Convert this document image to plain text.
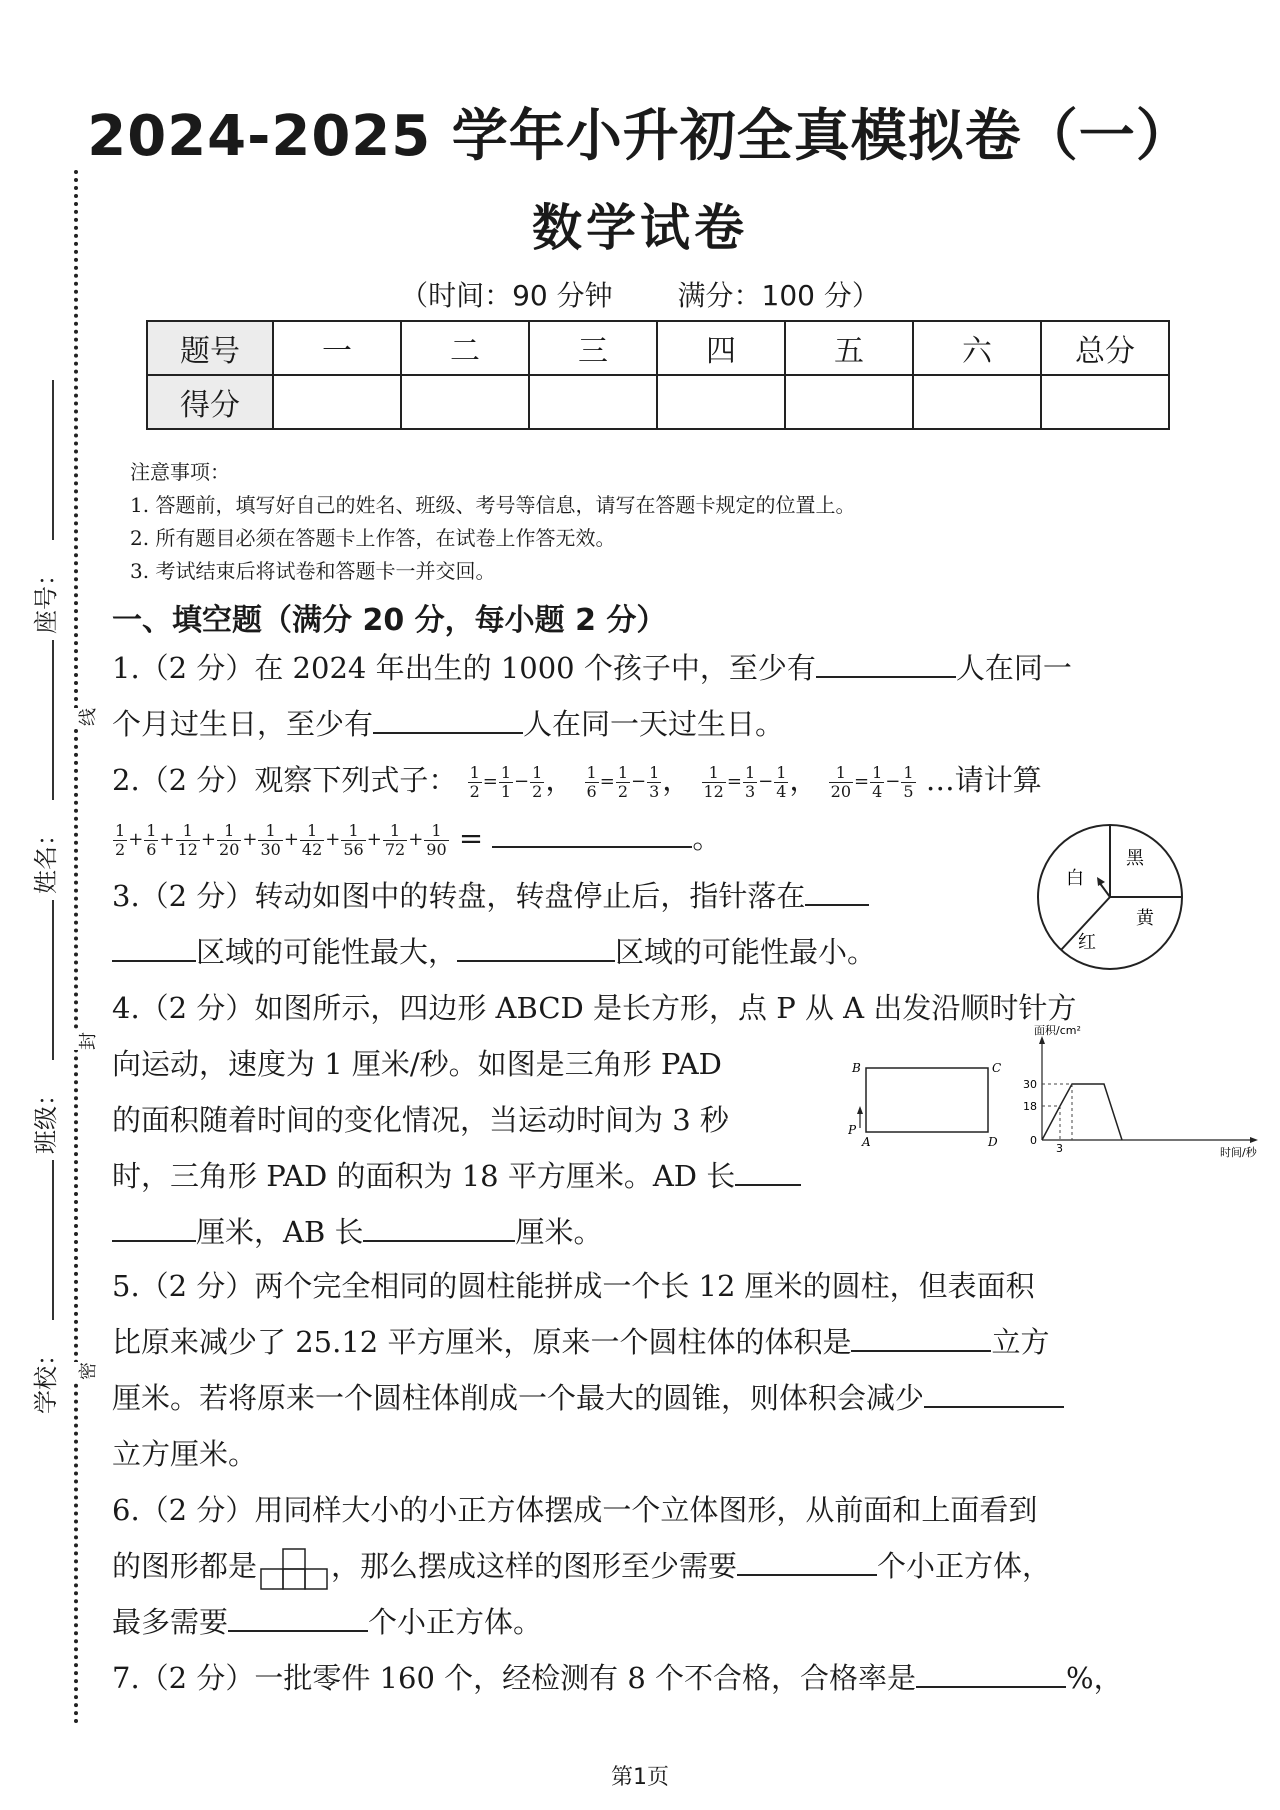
座号：
姓名：
班级：
学校：
线
封
密
2024-2025 学年小升初全真模拟卷（一）
数学试卷
（时间：90 分钟 满分：100 分）
题号	一	二	三	四	五	六	总分
得分							
注意事项：
1. 答题前，填写好自己的姓名、班级、考号等信息，请写在答题卡规定的位置上。
2. 所有题目必须在答题卡上作答，在试卷上作答无效。
3. 考试结束后将试卷和答题卡一并交回。
一、填空题（满分 20 分，每小题 2 分）
1.（2 分）在 2024 年出生的 1000 个孩子中，至少有	人在同一
个月过生日，至少有	人在同一天过生日。
2.（2 分）观察下列式子： $\frac{1}{2} = \frac{1}{1} - \frac{1}{2}$ ， $\frac{1}{6} = \frac{1}{2} - \frac{1}{3}$ ， $\frac{1}{12} = \frac{1}{3} - \frac{1}{4}$ ， $\frac{1}{20} = \frac{1}{4} - \frac{1}{5}$ …请计算

$\frac{1}{2} + \frac{1}{6} + \frac{1}{12} + \frac{1}{20} + \frac{1}{30} + \frac{1}{42} + \frac{1}{56} + \frac{1}{72} + \frac{1}{90}$ =	。
3.（2 分）转动如图中的转盘，转盘停止后，指针落在
区域的可能性最大，	区域的可能性最小。
黑
白
黄
红
4.（2 分）如图所示，四边形 ABCD 是长方形，点 P 从 A 出发沿顺时针方
向运动，速度为 1 厘米/秒。如图是三角形 PAD
的面积随着时间的变化情况，当运动时间为 3 秒
时，三角形 PAD 的面积为 18 平方厘米。AD 长
厘米，AB 长	厘米。
B	C
A	D
P
面积/cm²
时间/秒
30
18
0
3
5.（2 分）两个完全相同的圆柱能拼成一个长 12 厘米的圆柱，但表面积
比原来减少了 25.12 平方厘米，原来一个圆柱体的体积是	立方
厘米。若将原来一个圆柱体削成一个最大的圆锥，则体积会减少
立方厘米。
6.（2 分）用同样大小的小正方体摆成一个立体图形，从前面和上面看到
的图形都是	，那么摆成这样的图形至少需要	个小正方体，
最多需要	个小正方体。
7.（2 分）一批零件 160 个，经检测有 8 个不合格，合格率是	%，
第1页
